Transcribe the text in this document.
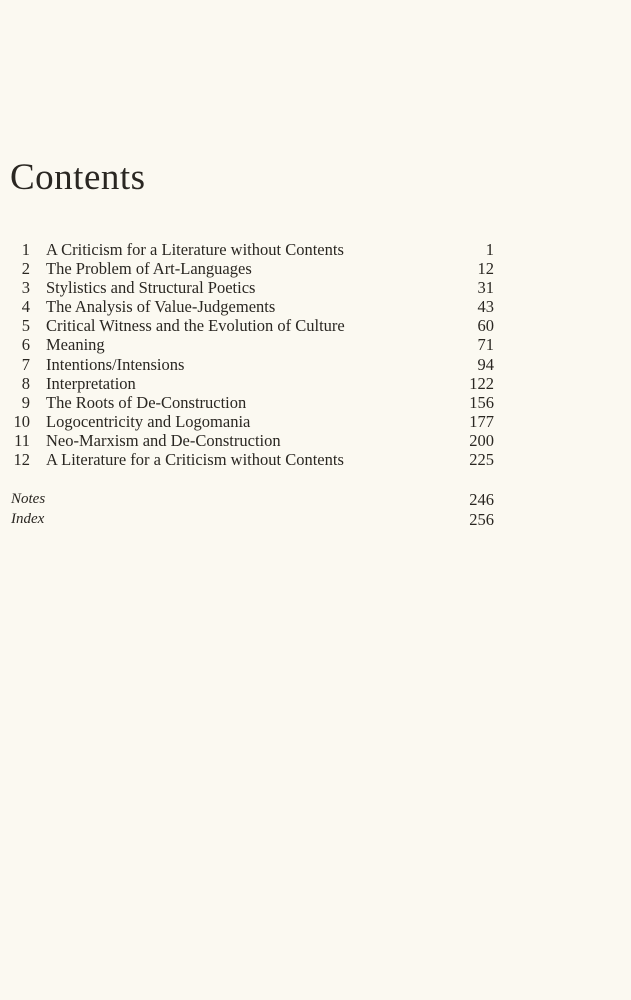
Contents
1 A Criticism for a Literature without Contents	1
2 The Problem of Art-Languages	12
3 Stylistics and Structural Poetics	31
4 The Analysis of Value-Judgements	43
5 Critical Witness and the Evolution of Culture	60
6 Meaning	71
7 Intentions/Intensions	94
8 Interpretation	122
9 The Roots of De-Construction	156
10 Logocentricity and Logomania	177
11 Neo-Marxism and De-Construction	200
12 A Literature for a Criticism without Contents	225
Notes	246
Index	256
